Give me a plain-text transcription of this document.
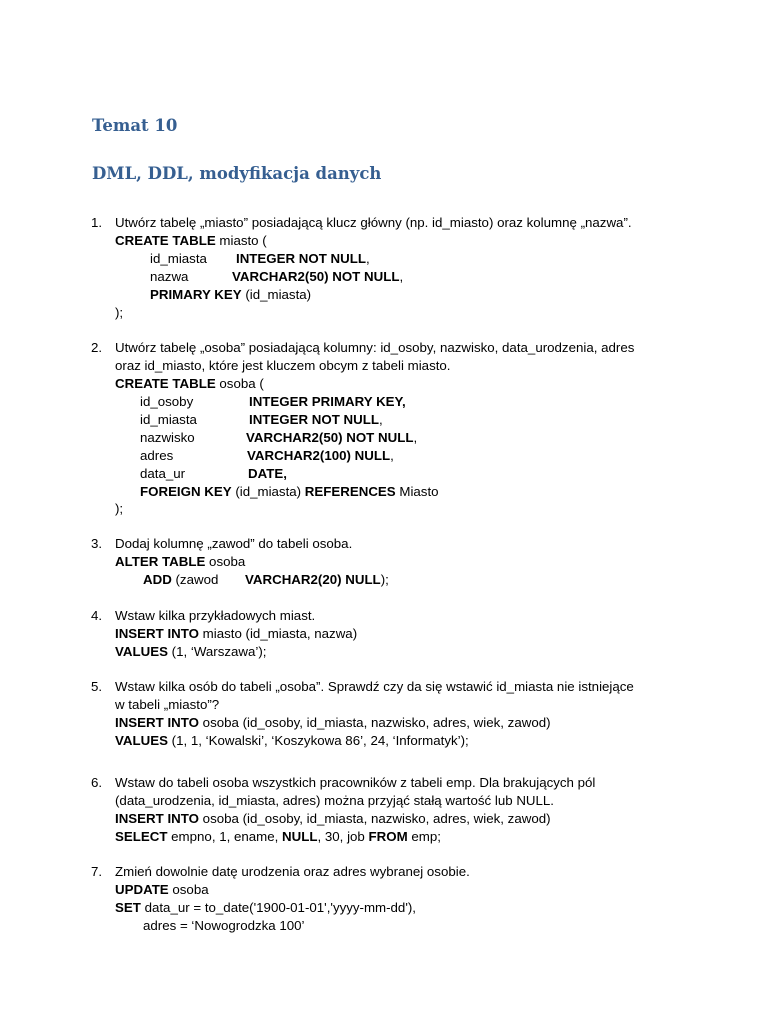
Temat 10
DML, DDL, modyfikacja danych
1. Utwórz tabelę „miasto” posiadającą klucz główny (np. id_miasto) oraz kolumnę „nazwa”.
CREATE TABLE miasto (
id_miasta INTEGER NOT NULL,
nazwa	VARCHAR2(50) NOT NULL,
PRIMARY KEY (id_miasta)
);
2. Utwórz tabelę „osoba” posiadającą kolumny: id_osoby, nazwisko, data_urodzenia, adres
oraz id_miasto, które jest kluczem obcym z tabeli miasto.
CREATE TABLE osoba (
id_osoby	INTEGER PRIMARY KEY,
id_miasta	INTEGER NOT NULL,
nazwisko	VARCHAR2(50) NOT NULL,
adres	VARCHAR2(100) NULL,
data_ur	DATE,
FOREIGN KEY (id_miasta) REFERENCES Miasto
);
3. Dodaj kolumnę „zawod” do tabeli osoba.
ALTER TABLE osoba
ADD (zawod VARCHAR2(20) NULL);
4. Wstaw kilka przykładowych miast.
INSERT INTO miasto (id_miasta, nazwa)
VALUES (1, ‘Warszawa’);
5. Wstaw kilka osób do tabeli „osoba”. Sprawdź czy da się wstawić id_miasta nie istniejące
w tabeli „miasto”?
INSERT INTO osoba (id_osoby, id_miasta, nazwisko, adres, wiek, zawod)
VALUES (1, 1, ‘Kowalski’, ‘Koszykowa 86’, 24, ‘Informatyk’);
6. Wstaw do tabeli osoba wszystkich pracowników z tabeli emp. Dla brakujących pól
(data_urodzenia, id_miasta, adres) można przyjąć stałą wartość lub NULL.
INSERT INTO osoba (id_osoby, id_miasta, nazwisko, adres, wiek, zawod)
SELECT empno, 1, ename, NULL, 30, job FROM emp;
7. Zmień dowolnie datę urodzenia oraz adres wybranej osobie.
UPDATE osoba
SET data_ur = to_date('1900-01-01','yyyy-mm-dd'),
adres = ‘Nowogrodzka 100’
